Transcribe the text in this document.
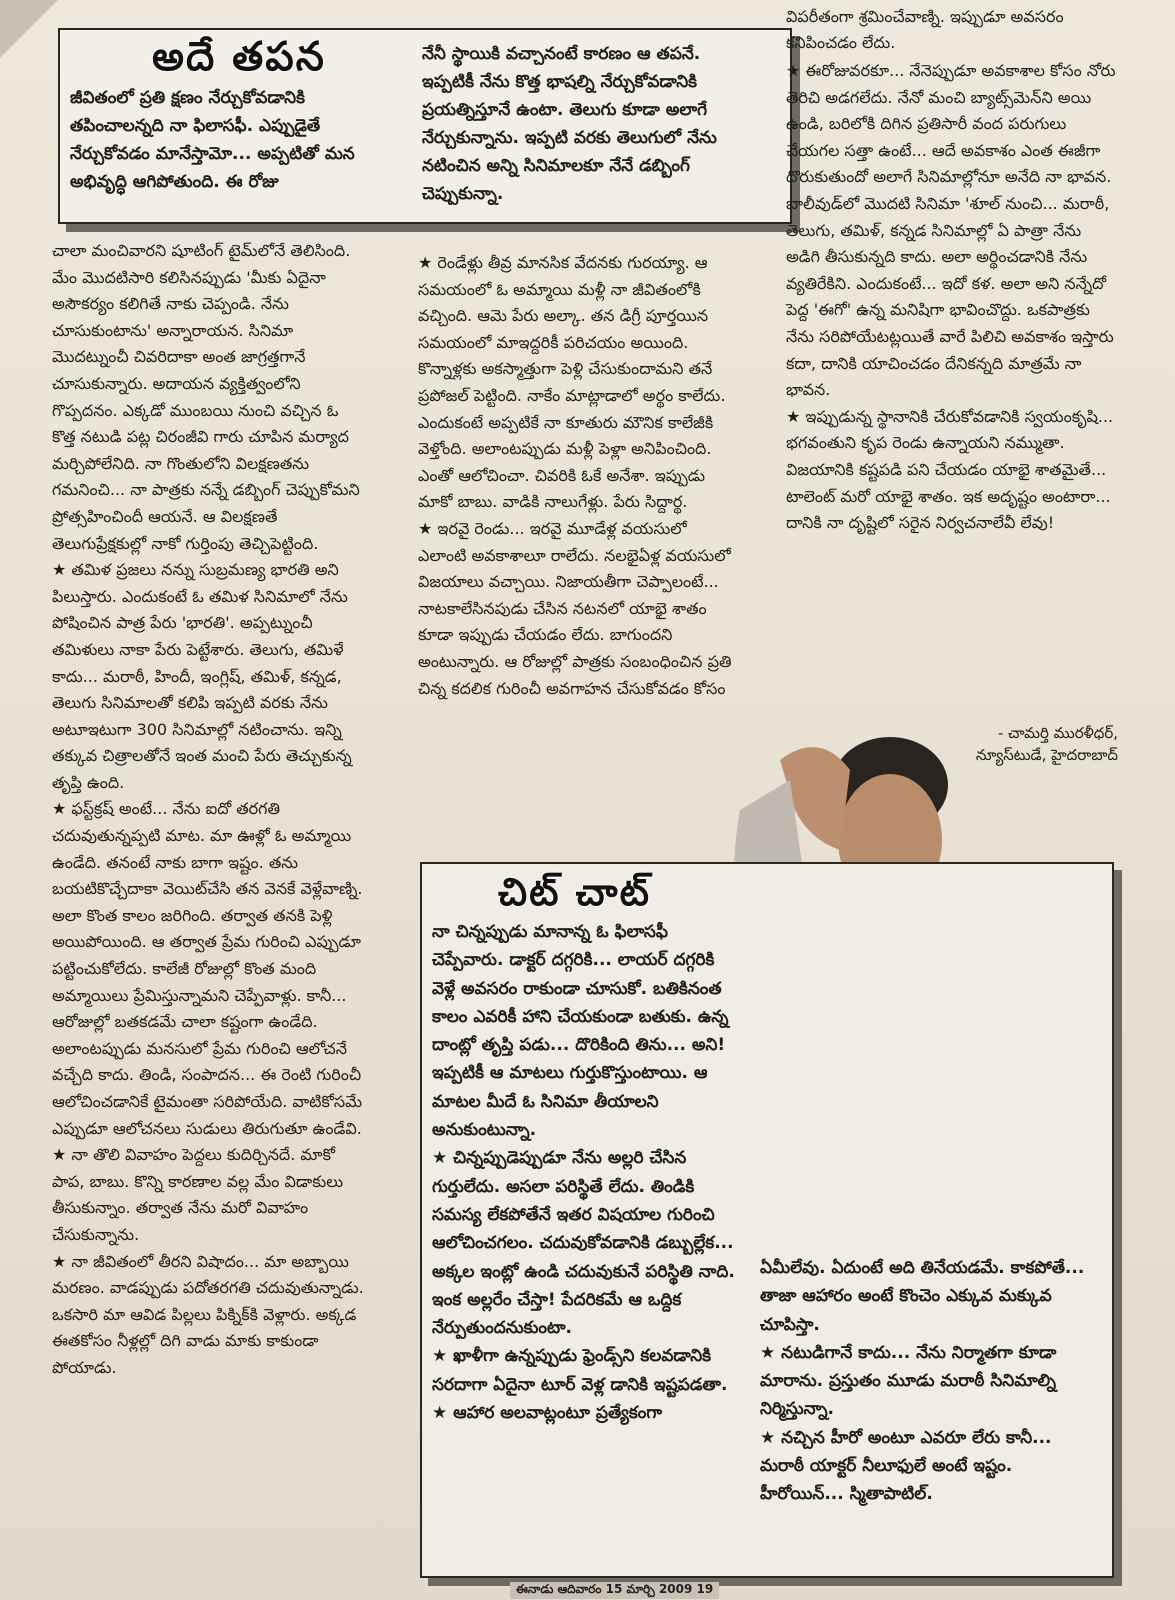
అదే తపన
జీవితంలో ప్రతి క్షణం నేర్చుకోవడానికి తపించాలన్నది నా ఫిలాసఫీ. ఎప్పుడైతే నేర్చుకోవడం మానేస్తామో... అప్పటితో మన అభివృద్ధి ఆగిపోతుంది. ఈ రోజు
నేనీ స్థాయికి వచ్చానంటే కారణం ఆ తపనే. ఇప్పటికీ నేను కొత్త భాషల్ని నేర్చుకోవడానికి ప్రయత్నిస్తూనే ఉంటా. తెలుగు కూడా అలాగే నేర్చుకున్నాను. ఇప్పటి వరకు తెలుగులో నేను నటించిన అన్ని సినిమాలకూ నేనే డబ్బింగ్ చెప్పుకున్నా.
విపరీతంగా శ్రమించేవాణ్ని. ఇప్పుడూ అవసరం కనిపించడం లేదు.

చాలా మంచివారని షూటింగ్ టైమ్‌లోనే తెలిసింది. మేం మొదటిసారి కలిసినప్పుడు 'మీకు ఏదైనా అసౌకర్యం కలిగితే నాకు చెప్పండి. నేను చూసుకుంటాను' అన్నారాయన. సినిమా మొదట్నుంచీ చివరిదాకా అంత జాగ్రత్తగానే చూసుకున్నారు. అదాయన వ్యక్తిత్వంలోని గొప్పదనం. ఎక్కడో ముంబయి నుంచి వచ్చిన ఓ కొత్త నటుడి పట్ల చిరంజీవి గారు చూపిన మర్యాద మర్చిపోలేనిది. నా గొంతులోని విలక్షణతను గమనించి... నా పాత్రకు నన్నే డబ్బింగ్ చెప్పుకోమని ప్రోత్సహించిందీ ఆయనే. ఆ విలక్షణతే తెలుగుప్రేక్షకుల్లో నాకో గుర్తింపు తెచ్చిపెట్టింది.

★ తమిళ ప్రజలు నన్ను సుబ్రమణ్య భారతి అని పిలుస్తారు. ఎందుకంటే ఓ తమిళ సినిమాలో నేను పోషించిన పాత్ర పేరు 'భారతి'. అప్పట్నుంచీ తమిళులు నాకా పేరు పెట్టేశారు. తెలుగు, తమిళే కాదు... మరాఠీ, హిందీ, ఇంగ్లిష్, తమిళ్, కన్నడ, తెలుగు సినిమాలతో కలిపి ఇప్పటి వరకు నేను అటూఇటుగా 300 సినిమాల్లో నటించాను. ఇన్ని తక్కువ చిత్రాలతోనే ఇంత మంచి పేరు తెచ్చుకున్న తృప్తి ఉంది.

★ ఫస్ట్‌క్రష్ అంటే... నేను ఐదో తరగతి చదువుతున్నప్పటి మాట. మా ఊళ్లో ఓ అమ్మాయి ఉండేది. తనంటే నాకు బాగా ఇష్టం. తను బయటికొచ్చేదాకా వెయిట్‌చేసి తన వెనకే వెళ్లేవాణ్ని. అలా కొంత కాలం జరిగింది. తర్వాత తనకి పెళ్లి అయిపోయింది. ఆ తర్వాత ప్రేమ గురించి ఎప్పుడూ పట్టించుకోలేదు. కాలేజీ రోజుల్లో కొంత మంది అమ్మాయిలు ప్రేమిస్తున్నామని చెప్పేవాళ్లు. కానీ... ఆరోజుల్లో బతకడమే చాలా కష్టంగా ఉండేది. అలాంటప్పుడు మనసులో ప్రేమ గురించి ఆలోచనే వచ్చేది కాదు. తిండి, సంపాదన... ఈ రెంటి గురించీ ఆలోచించడానికే టైమంతా సరిపోయేది. వాటికోసమే ఎప్పుడూ ఆలోచనలు సుడులు తిరుగుతూ ఉండేవి.

★ నా తొలి వివాహం పెద్దలు కుదిర్చినదే. మాకో పాప, బాబు. కొన్ని కారణాల వల్ల మేం విడాకులు తీసుకున్నాం. తర్వాత నేను మరో వివాహం చేసుకున్నాను.

★ నా జీవితంలో తీరని విషాదం... మా అబ్బాయి మరణం. వాడప్పుడు పదోతరగతి చదువుతున్నాడు. ఒకసారి మా ఆవిడ పిల్లలు పిక్నిక్‌కి వెళ్లారు. అక్కడ ఈతకోసం నీళ్లల్లో దిగి వాడు మాకు కాకుండా పోయాడు.

★ రెండేళ్లు తీవ్ర మానసిక వేదనకు గురయ్యా. ఆ సమయంలో ఓ అమ్మాయి మళ్లీ నా జీవితంలోకి వచ్చింది. ఆమె పేరు అల్కా. తన డిగ్రీ పూర్తయిన సమయంలో మాఇద్దరికీ పరిచయం అయింది. కొన్నాళ్లకు అకస్మాత్తుగా పెళ్లి చేసుకుందామని తనే ప్రపోజల్ పెట్టింది. నాకేం మాట్లాడాలో అర్థం కాలేదు. ఎందుకంటే అప్పటికే నా కూతురు మౌనిక కాలేజీకి వెళ్తోంది. అలాంటప్పుడు మళ్లీ పెళ్లా అనిపించింది. ఎంతో ఆలోచించా. చివరికి ఓకే అనేశా. ఇప్పుడు మాకో బాబు. వాడికి నాలుగేళ్లు. పేరు సిద్దార్థ.

★ ఇరవై రెండు... ఇరవై మూడేళ్ల వయసులో ఎలాంటి అవకాశాలూ రాలేదు. నలభైఏళ్ల వయసులో విజయాలు వచ్చాయి. నిజాయతీగా చెప్పాలంటే... నాటకాలేసినపుడు చేసిన నటనలో యాభై శాతం కూడా ఇప్పుడు చేయడం లేదు. బాగుందని అంటున్నారు. ఆ రోజుల్లో పాత్రకు సంబంధించిన ప్రతి చిన్న కదలిక గురించీ అవగాహన చేసుకోవడం కోసం

★ ఈరోజువరకూ... నేనెప్పుడూ అవకాశాల కోసం నోరు తెరిచి అడగలేదు. నేనో మంచి బ్యాట్స్‌మెన్‌ని అయి ఉండి, బరిలోకి దిగిన ప్రతిసారీ వంద పరుగులు చేయగల సత్తా ఉంటే... ఆదే అవకాశం ఎంత ఈజీగా దొరుకుతుందో అలాగే సినిమాల్లోనూ అనేది నా భావన. బాలీవుడ్‌లో మొదటి సినిమా 'శూల్ నుంచి... మరాఠీ, తెలుగు, తమిళ్, కన్నడ సినిమాల్లో ఏ పాత్రా నేను అడిగి తీసుకున్నది కాదు. అలా అర్థించడానికి నేను వ్యతిరేకిని. ఎందుకంటే... ఇదో కళ. అలా అని నన్నేదో పెద్ద 'ఈగో' ఉన్న మనిషిగా భావించొద్దు. ఒకపాత్రకు నేను సరిపోయేటట్లయితే వారే పిలిచి అవకాశం ఇస్తారు కదా, దానికి యాచించడం దేనికన్నది మాత్రమే నా భావన.

★ ఇప్పుడున్న స్థానానికి చేరుకోవడానికి స్వయంకృషి... భగవంతుని కృప రెండు ఉన్నాయని నమ్ముతా. విజయానికి కష్టపడి పని చేయడం యాభై శాతమైతే... టాలెంట్ మరో యాభై శాతం. ఇక అదృష్టం అంటారా... దానికి నా దృష్టిలో సరైన నిర్వచనాలేవీ లేవు!

- చామర్తి మురళీధర్,
న్యూస్‌టుడే, హైదరాబాద్
చిట్ చాట్

నా చిన్నప్పుడు మానాన్న ఓ ఫిలాసఫీ చెప్పేవారు. డాక్టర్ దగ్గరికి... లాయర్ దగ్గరికి వెళ్లే అవసరం రాకుండా చూసుకో. బతికినంత కాలం ఎవరికీ హాని చేయకుండా బతుకు. ఉన్న దాంట్లో తృప్తి పడు... దొరికింది తిను... అని! ఇప్పటికీ ఆ మాటలు గుర్తుకొస్తుంటాయి. ఆ మాటల మీదే ఓ సినిమా తీయాలని అనుకుంటున్నా.

★ చిన్నప్పుడెప్పుడూ నేను అల్లరి చేసిన గుర్తులేదు. అసలా పరిస్థితే లేదు. తిండికి సమస్య లేకపోతేనే ఇతర విషయాల గురించి ఆలోచించగలం. చదువుకోవడానికి డబ్బుల్లేక... అక్కల ఇంట్లో ఉండి చదువుకునే పరిస్థితి నాది. ఇంక అల్లరేం చేస్తా! పేదరికమే ఆ ఒద్దిక నేర్పుతుందనుకుంటా.

★ ఖాళీగా ఉన్నప్పుడు ఫ్రెండ్స్‌ని కలవడానికి సరదాగా ఏదైనా టూర్ వెళ్ల డానికి ఇష్టపడతా.

★ ఆహార అలవాట్లంటూ ప్రత్యేకంగా

ఏమీలేవు. ఏదుంటే అది తినేయడమే. కాకపోతే... తాజా ఆహారం అంటే కొంచెం ఎక్కువ మక్కువ చూపిస్తా.

★ నటుడిగానే కాదు... నేను నిర్మాతగా కూడా మారాను. ప్రస్తుతం మూడు మరాఠీ సినిమాల్ని నిర్మిస్తున్నా.

★ నచ్చిన హీరో అంటూ ఎవరూ లేరు కానీ... మరాఠీ యాక్టర్ నీలూఫులే అంటే ఇష్టం. హీరోయిన్... స్మితాపాటిల్.

ఈనాడు ఆదివారం 15 మార్చి 2009 19
